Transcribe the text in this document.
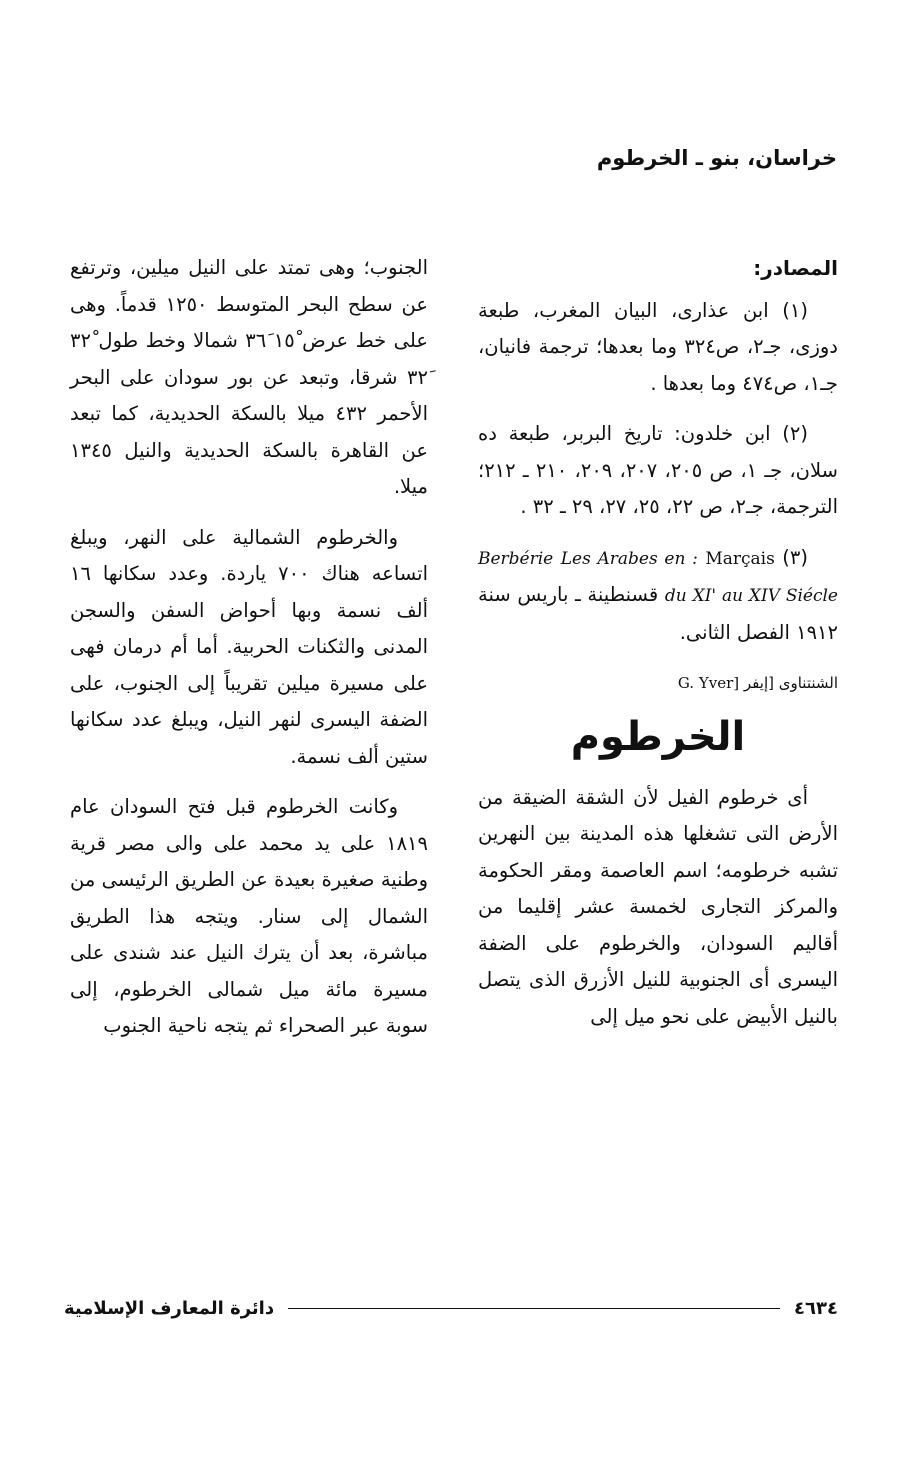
خراسان، بنو ـ الخرطوم
المصادر:

(١) ابن عذارى، البيان المغرب، طبعة دوزى، جـ٢، ص٣٢٤ وما بعدها؛ ترجمة فانيان، جـ١، ص٤٧٤ وما بعدها .

(٢) ابن خلدون: تاريخ البربر، طبعة ده سلان، جـ ١، ص ٢٠٥، ٢٠٧، ٢٠٩، ٢١٠ ـ ٢١٢؛ الترجمة، جـ٢، ص ٢٢، ٢٥، ٢٧، ٢٩ ـ ٣٢ .

(٣) Marçais Les Arabes en : Berbérie du XI' au XIV Siécle قسنطينة ـ باريس سنة ١٩١٢ الفصل الثانى.

الشنتناوى [إيفر G. Yver]
الخرطوم

أى خرطوم الفيل لأن الشقة الضيقة من الأرض التى تشغلها هذه المدينة بين النهرين تشبه خرطومه؛ اسم العاصمة ومقر الحكومة والمركز التجارى لخمسة عشر إقليما من أقاليم السودان، والخرطوم على الضفة اليسرى أى الجنوبية للنيل الأزرق الذى يتصل بالنيل الأبيض على نحو ميل إلى

الجنوب؛ وهى تمتد على النيل ميلين، وترتفع عن سطح البحر المتوسط ١٢٥٠ قدماً. وهى على خط عرض ١٥ْ ٣٦َ شمالا وخط طول ٣٢ْ ٣٢َ شرقا، وتبعد عن بور سودان على البحر الأحمر ٤٣٢ ميلا بالسكة الحديدية، كما تبعد عن القاهرة بالسكة الحديدية والنيل ١٣٤٥ ميلا.

والخرطوم الشمالية على النهر، ويبلغ اتساعه هناك ٧٠٠ ياردة. وعدد سكانها ١٦ ألف نسمة وبها أحواض السفن والسجن المدنى والثكنات الحربية. أما أم درمان فهى على مسيرة ميلين تقريباً إلى الجنوب، على الضفة اليسرى لنهر النيل، ويبلغ عدد سكانها ستين ألف نسمة.

وكانت الخرطوم قبل فتح السودان عام ١٨١٩ على يد محمد على والى مصر قرية وطنية صغيرة بعيدة عن الطريق الرئيسى من الشمال إلى سنار. ويتجه هذا الطريق مباشرة، بعد أن يترك النيل عند شندى على مسيرة مائة ميل شمالى الخرطوم، إلى سوبة عبر الصحراء ثم يتجه ناحية الجنوب

٤٦٣٤
دائرة المعارف الإسلامية
